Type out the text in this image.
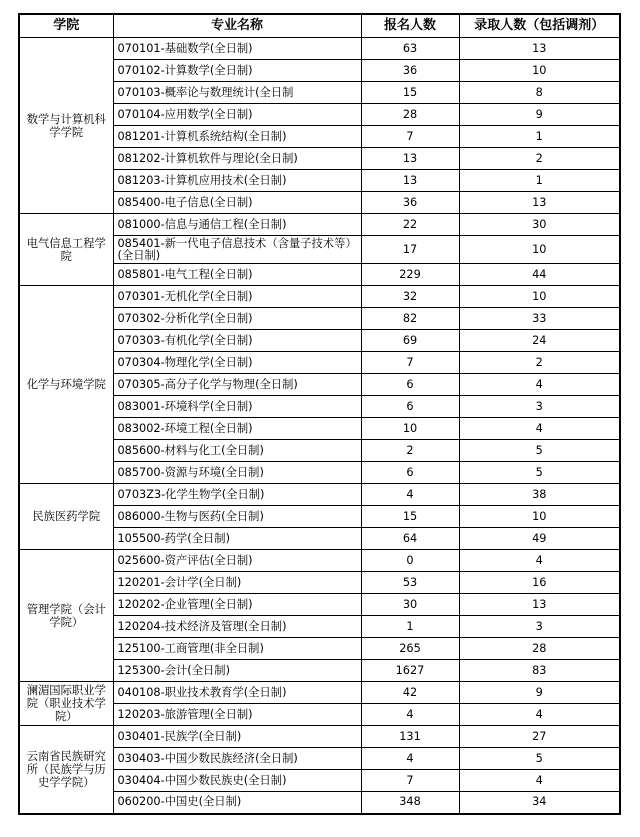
学院	专业名称	报名人数	录取人数（包括调剂）
数学与计算机科学学院	070101-基础数学(全日制)	63	13
	070102-计算数学(全日制)	36	10
	070103-概率论与数理统计(全日制	15	8
	070104-应用数学(全日制)	28	9
	081201-计算机系统结构(全日制)	7	1
	081202-计算机软件与理论(全日制)	13	2
	081203-计算机应用技术(全日制)	13	1
	085400-电子信息(全日制)	36	13
电气信息工程学院	081000-信息与通信工程(全日制)	22	30
	085401-新一代电子信息技术（含量子技术等）(全日制)	17	10
	085801-电气工程(全日制)	229	44
化学与环境学院	070301-无机化学(全日制)	32	10
	070302-分析化学(全日制)	82	33
	070303-有机化学(全日制)	69	24
	070304-物理化学(全日制)	7	2
	070305-高分子化学与物理(全日制)	6	4
	083001-环境科学(全日制)	6	3
	083002-环境工程(全日制)	10	4
	085600-材料与化工(全日制)	2	5
	085700-资源与环境(全日制)	6	5
民族医药学院	0703Z3-化学生物学(全日制)	4	38
	086000-生物与医药(全日制)	15	10
	105500-药学(全日制)	64	49
管理学院（会计学院）	025600-资产评估(全日制)	0	4
	120201-会计学(全日制)	53	16
	120202-企业管理(全日制)	30	13
	120204-技术经济及管理(全日制)	1	3
	125100-工商管理(非全日制)	265	28
	125300-会计(全日制)	1627	83
澜湄国际职业学院（职业技术学院）	040108-职业技术教育学(全日制)	42	9
	120203-旅游管理(全日制)	4	4
云南省民族研究所（民族学与历史学学院）	030401-民族学(全日制)	131	27
	030403-中国少数民族经济(全日制)	4	5
	030404-中国少数民族史(全日制)	7	4
	060200-中国史(全日制)	348	34
